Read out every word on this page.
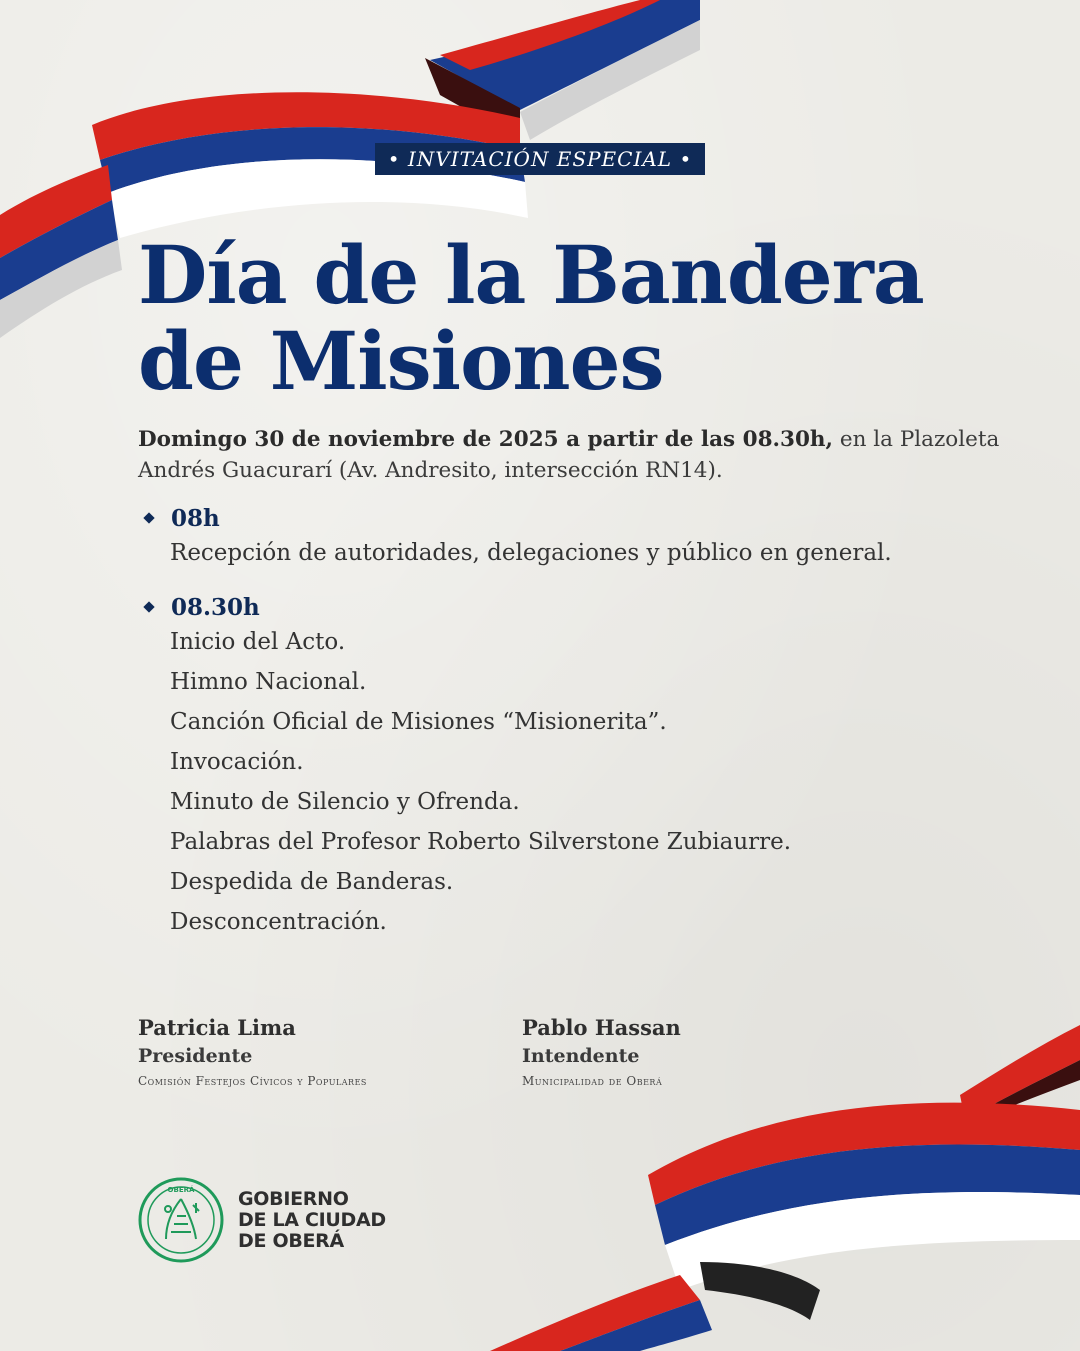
• INVITACIÓN ESPECIAL •
Día de la Bandera
de Misiones
Domingo 30 de noviembre de 2025 a partir de las 08.30h, en la Plazoleta
Andrés Guacurarí (Av. Andresito, intersección RN14).
08h
Recepción de autoridades, delegaciones y público en general.
08.30h
Inicio del Acto.
Himno Nacional.
Canción Oficial de Misiones “Misionerita”.
Invocación.
Minuto de Silencio y Ofrenda.
Palabras del Profesor Roberto Silverstone Zubiaurre.
Despedida de Banderas.
Desconcentración.
Patricia Lima
Presidente
Comisión Festejos Cívicos y Populares
Pablo Hassan
Intendente
Municipalidad de Oberá
OBERÁ GOBIERNO
DE LA CIUDAD
DE OBERÁ
